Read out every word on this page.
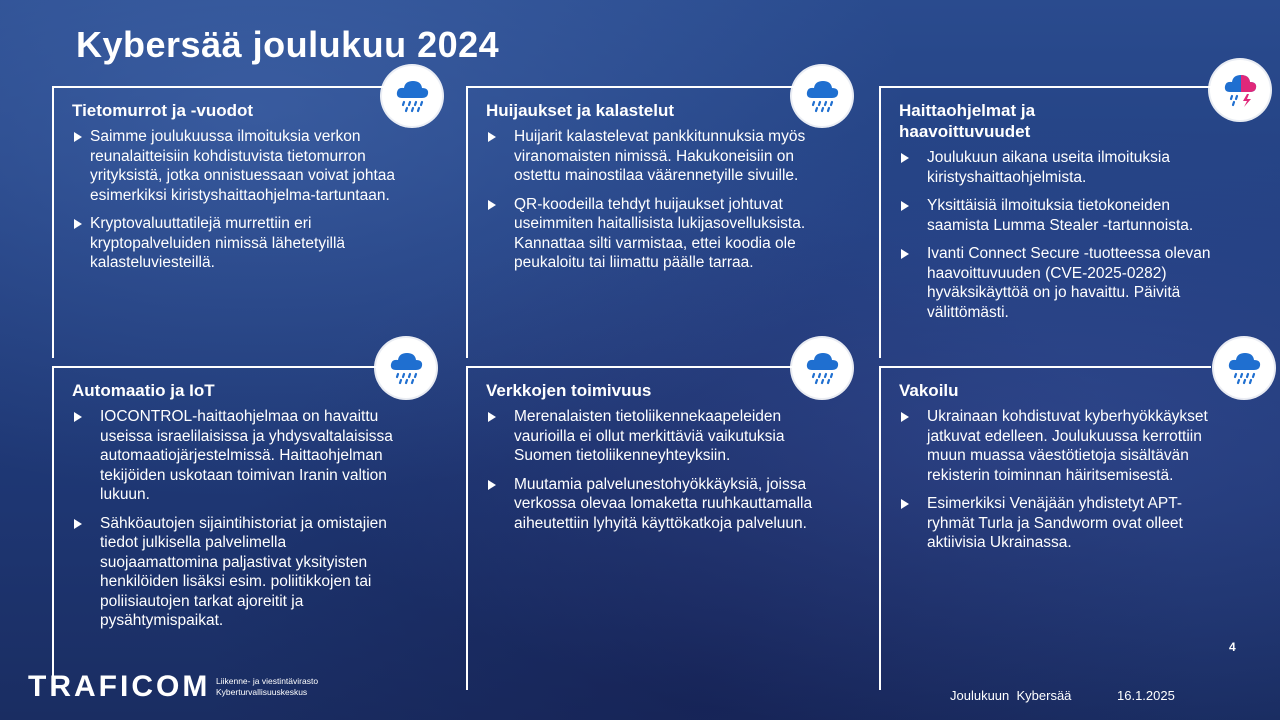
Kybersää joulukuu 2024
Tietomurrot ja -vuodot
Saimme joulukuussa ilmoituksia verkon reunalaitteisiin kohdistuvista tietomurron yrityksistä, jotka onnistuessaan voivat johtaa esimerkiksi kiristyshaittaohjelma-tartuntaan.
Kryptovaluuttatilejä murrettiin eri kryptopalveluiden nimissä lähetetyillä kalasteluviesteillä.
Huijaukset ja kalastelut
Huijarit kalastelevat pankkitunnuksia myös viranomaisten nimissä. Hakukoneisiin on ostettu mainostilaa väärennetyille sivuille.
QR-koodeilla tehdyt huijaukset johtuvat useimmiten haitallisista lukijasovelluksista. Kannattaa silti varmistaa, ettei koodia ole peukaloitu tai liimattu päälle tarraa.
Haittaohjelmat ja haavoittuvuudet
Joulukuun aikana useita ilmoituksia kiristyshaittaohjelmista.
Yksittäisiä ilmoituksia tietokoneiden saamista Lumma Stealer -tartunnoista.
Ivanti Connect Secure -tuotteessa olevan haavoittuvuuden (CVE-2025-0282) hyväksikäyttöä on jo havaittu. Päivitä välittömästi.
Automaatio ja IoT
IOCONTROL-haittaohjelmaa on havaittu useissa israelilaisissa ja yhdysvaltalaisissa automaatiojärjestelmissä. Haittaohjelman tekijöiden uskotaan toimivan Iranin valtion lukuun.
Sähköautojen sijaintihistoriat ja omistajien tiedot julkisella palvelimella suojaamattomina paljastivat yksityisten henkilöiden lisäksi esim. poliitikkojen tai poliisiautojen tarkat ajoreitit ja pysähtymispaikat.
Verkkojen toimivuus
Merenalaisten tietoliikennekaapeleiden vaurioilla ei ollut merkittäviä vaikutuksia Suomen tietoliikenneyhteyksiin.
Muutamia palvelunestohyökkäyksiä, joissa verkossa olevaa lomaketta ruuhkauttamalla aiheutettiin lyhyitä käyttökatkoja palveluun.
Vakoilu
Ukrainaan kohdistuvat kyberhyökkäykset jatkuvat edelleen. Joulukuussa kerrottiin muun muassa väestötietoja sisältävän rekisterin toiminnan häiritsemisestä.
Esimerkiksi Venäjään yhdistetyt APT-ryhmät Turla ja Sandworm ovat olleet aktiivisia Ukrainassa.
4
TRAFICOM Liikenne- ja viestintävirasto
Kyberturvallisuuskeskus	Joulukuun  Kybersää	16.1.2025
